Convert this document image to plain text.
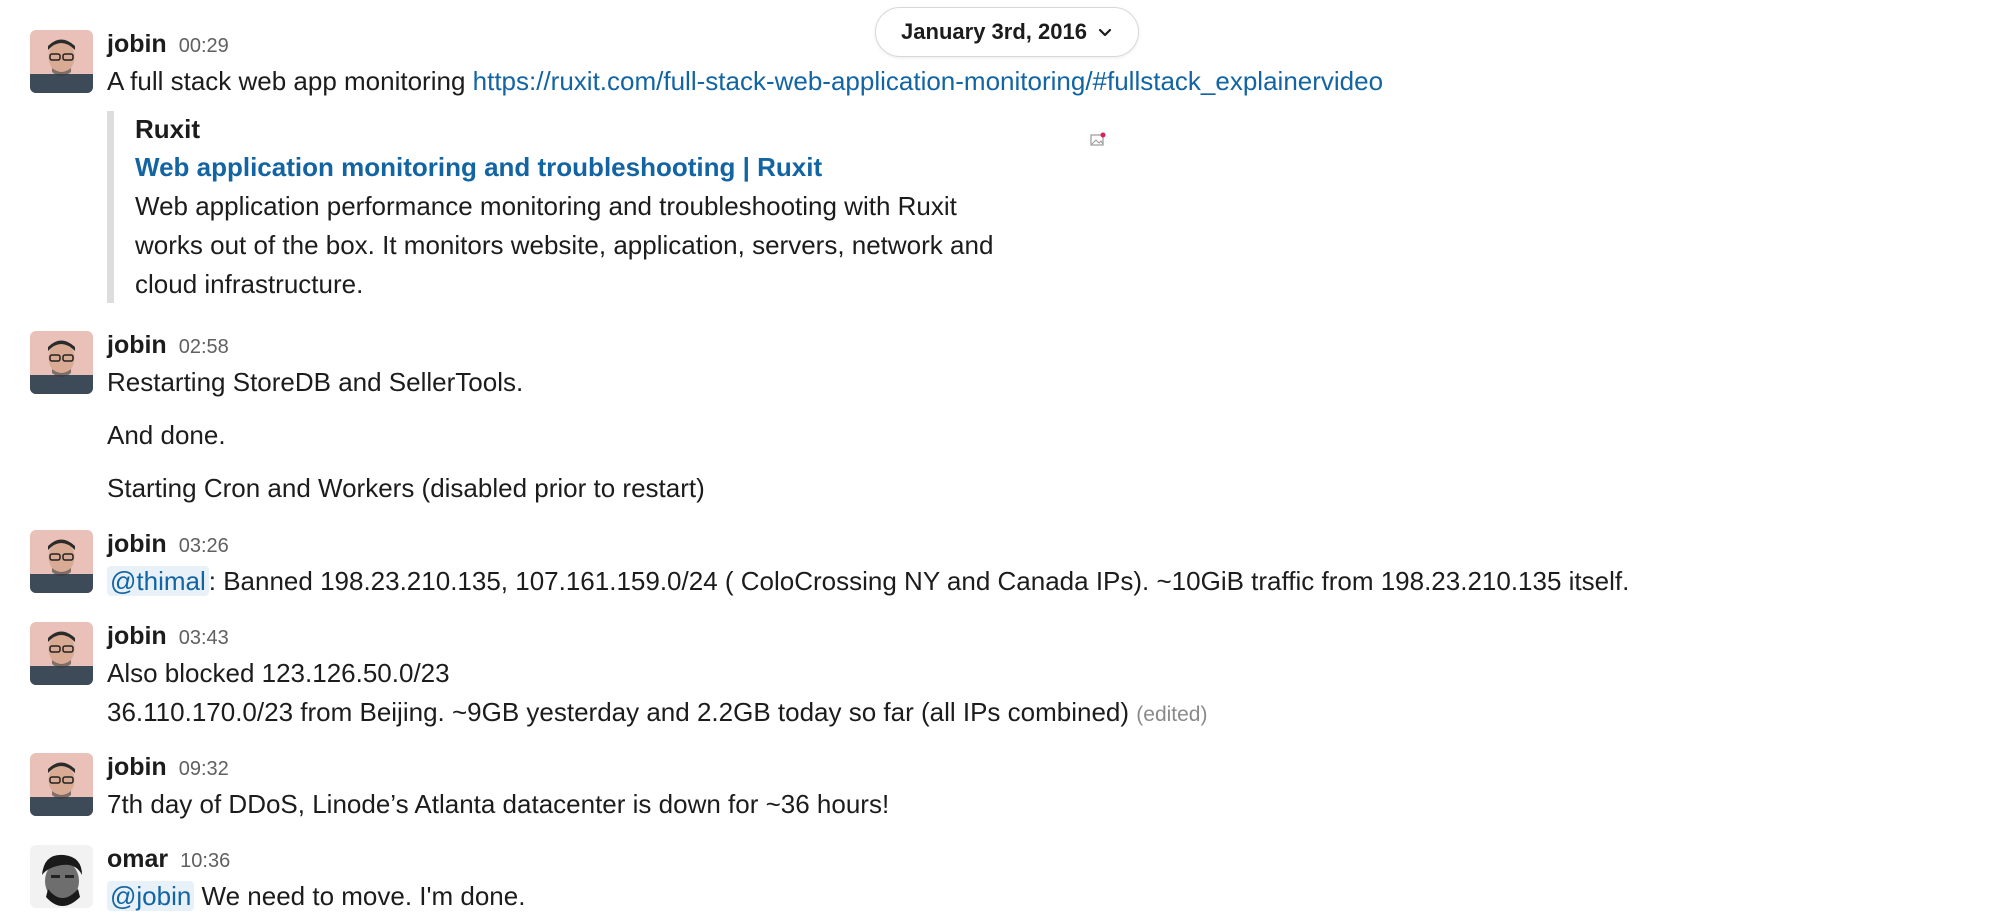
January 3rd, 2016
jobin 00:29
A full stack web app monitoring https://ruxit.com/full-stack-web-application-monitoring/#fullstack_explainervideo
Ruxit
Web application monitoring and troubleshooting | Ruxit
Web application performance monitoring and troubleshooting with Ruxit works out of the box. It monitors website, application, servers, network and cloud infrastructure.
jobin 02:58
Restarting StoreDB and SellerTools.
And done.
Starting Cron and Workers (disabled prior to restart)
jobin 03:26
@thimal : Banned 198.23.210.135, 107.161.159.0/24 ( ColoCrossing NY and Canada IPs). ~10GiB traffic from 198.23.210.135 itself.
jobin 03:43
Also blocked 123.126.50.0/23
36.110.170.0/23 from Beijing. ~9GB yesterday and 2.2GB today so far (all IPs combined) (edited)
jobin 09:32
7th day of DDoS, Linode’s Atlanta datacenter is down for ~36 hours!
omar 10:36
@jobin We need to move. I'm done.
